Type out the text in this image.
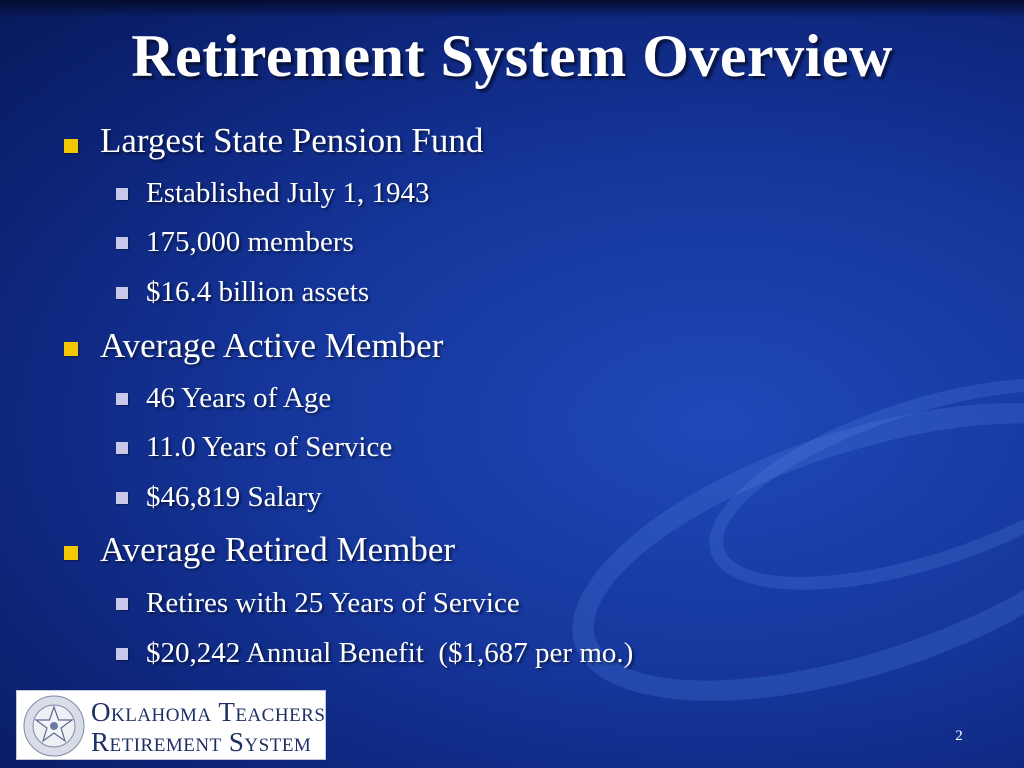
Retirement System Overview
Largest State Pension Fund
Established July 1, 1943
175,000 members
$16.4 billion assets
Average Active Member
46 Years of Age
11.0 Years of Service
$46,819 Salary
Average Retired Member
Retires with 25 Years of Service
$20,242 Annual Benefit  ($1,687 per mo.)
Oklahoma Teachers
Retirement System	2
